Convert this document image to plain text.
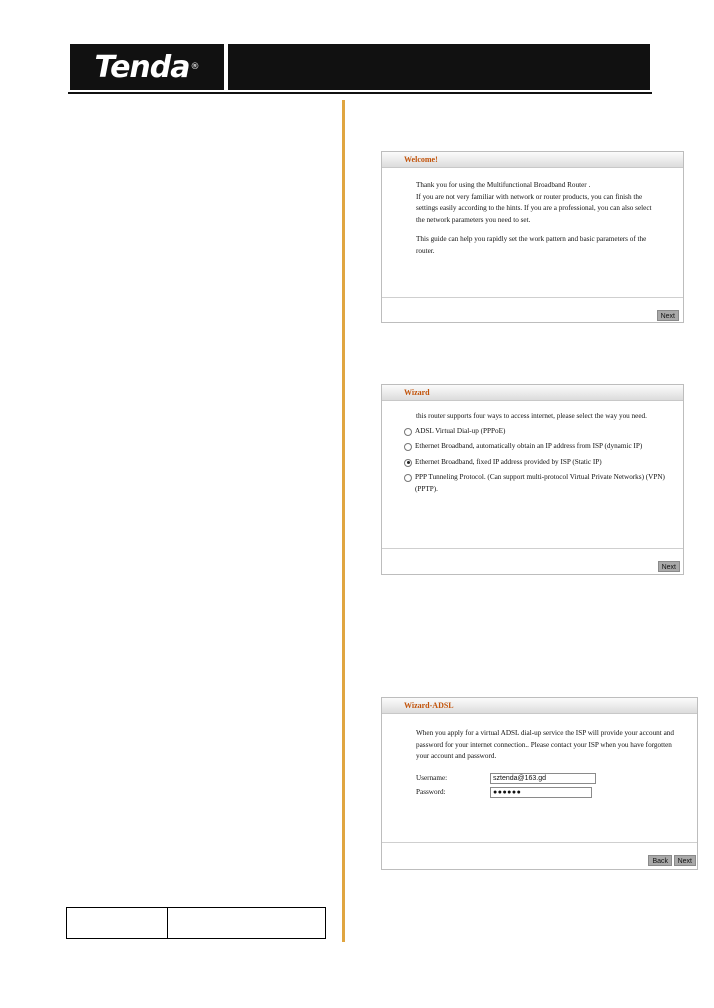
Tenda ®
Welcome!
Thank you for using the Multifunctional Broadband Router .
If you are not very familiar with network or router products, you can finish the settings easily according to the hints. If you are a professional, you can also select the network parameters you need to set.
This guide can help you rapidly set the work pattern and basic parameters of the router.
Next
Wizard
this router supports four ways to access internet, please select the way you need.
ADSL Virtual Dial-up (PPPoE)
Ethernet Broadband, automatically obtain an IP address from ISP (dynamic IP)
Ethernet Broadband, fixed IP address provided by ISP (Static IP)
PPP Tunneling Protocol. (Can support multi-protocol Virtual Private Networks) (VPN) (PPTP).
Next
Wizard-ADSL
When you apply for a virtual ADSL dial-up service the ISP will provide your account and password for your internet connection.. Please contact your ISP when you have forgotten your account and password.
Username:	sztenda@163.gd
Password:	●●●●●●
Back	Next
